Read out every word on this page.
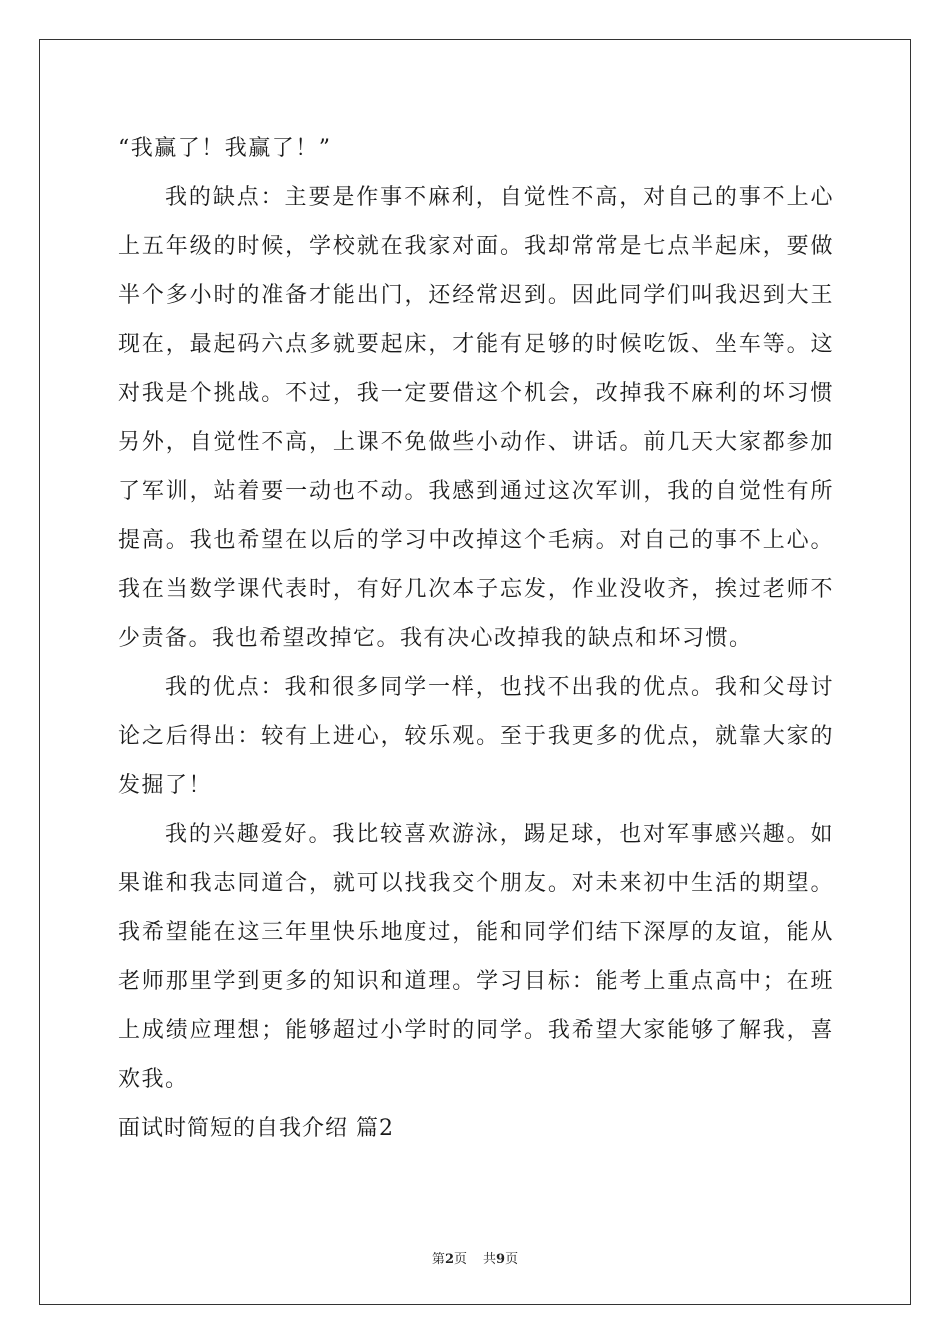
“我赢了！我赢了！”

我的缺点：主要是作事不麻利，自觉性不高，对自己的事不上心上五年级的时候，学校就在我家对面。我却常常是七点半起床，要做半个多小时的准备才能出门，还经常迟到。因此同学们叫我迟到大王现在，最起码六点多就要起床，才能有足够的时候吃饭、坐车等。这对我是个挑战。不过，我一定要借这个机会，改掉我不麻利的坏习惯另外，自觉性不高，上课不免做些小动作、讲话。前几天大家都参加了军训，站着要一动也不动。我感到通过这次军训，我的自觉性有所提高。我也希望在以后的学习中改掉这个毛病。对自己的事不上心。我在当数学课代表时，有好几次本子忘发，作业没收齐，挨过老师不少责备。我也希望改掉它。我有决心改掉我的缺点和坏习惯。

我的优点：我和很多同学一样，也找不出我的优点。我和父母讨论之后得出：较有上进心，较乐观。至于我更多的优点，就靠大家的发掘了！

我的兴趣爱好。我比较喜欢游泳，踢足球，也对军事感兴趣。如果谁和我志同道合，就可以找我交个朋友。对未来初中生活的期望。我希望能在这三年里快乐地度过，能和同学们结下深厚的友谊，能从老师那里学到更多的知识和道理。学习目标：能考上重点高中；在班上成绩应理想；能够超过小学时的同学。我希望大家能够了解我，喜欢我。

面试时简短的自我介绍 篇2

第2页 共9页
